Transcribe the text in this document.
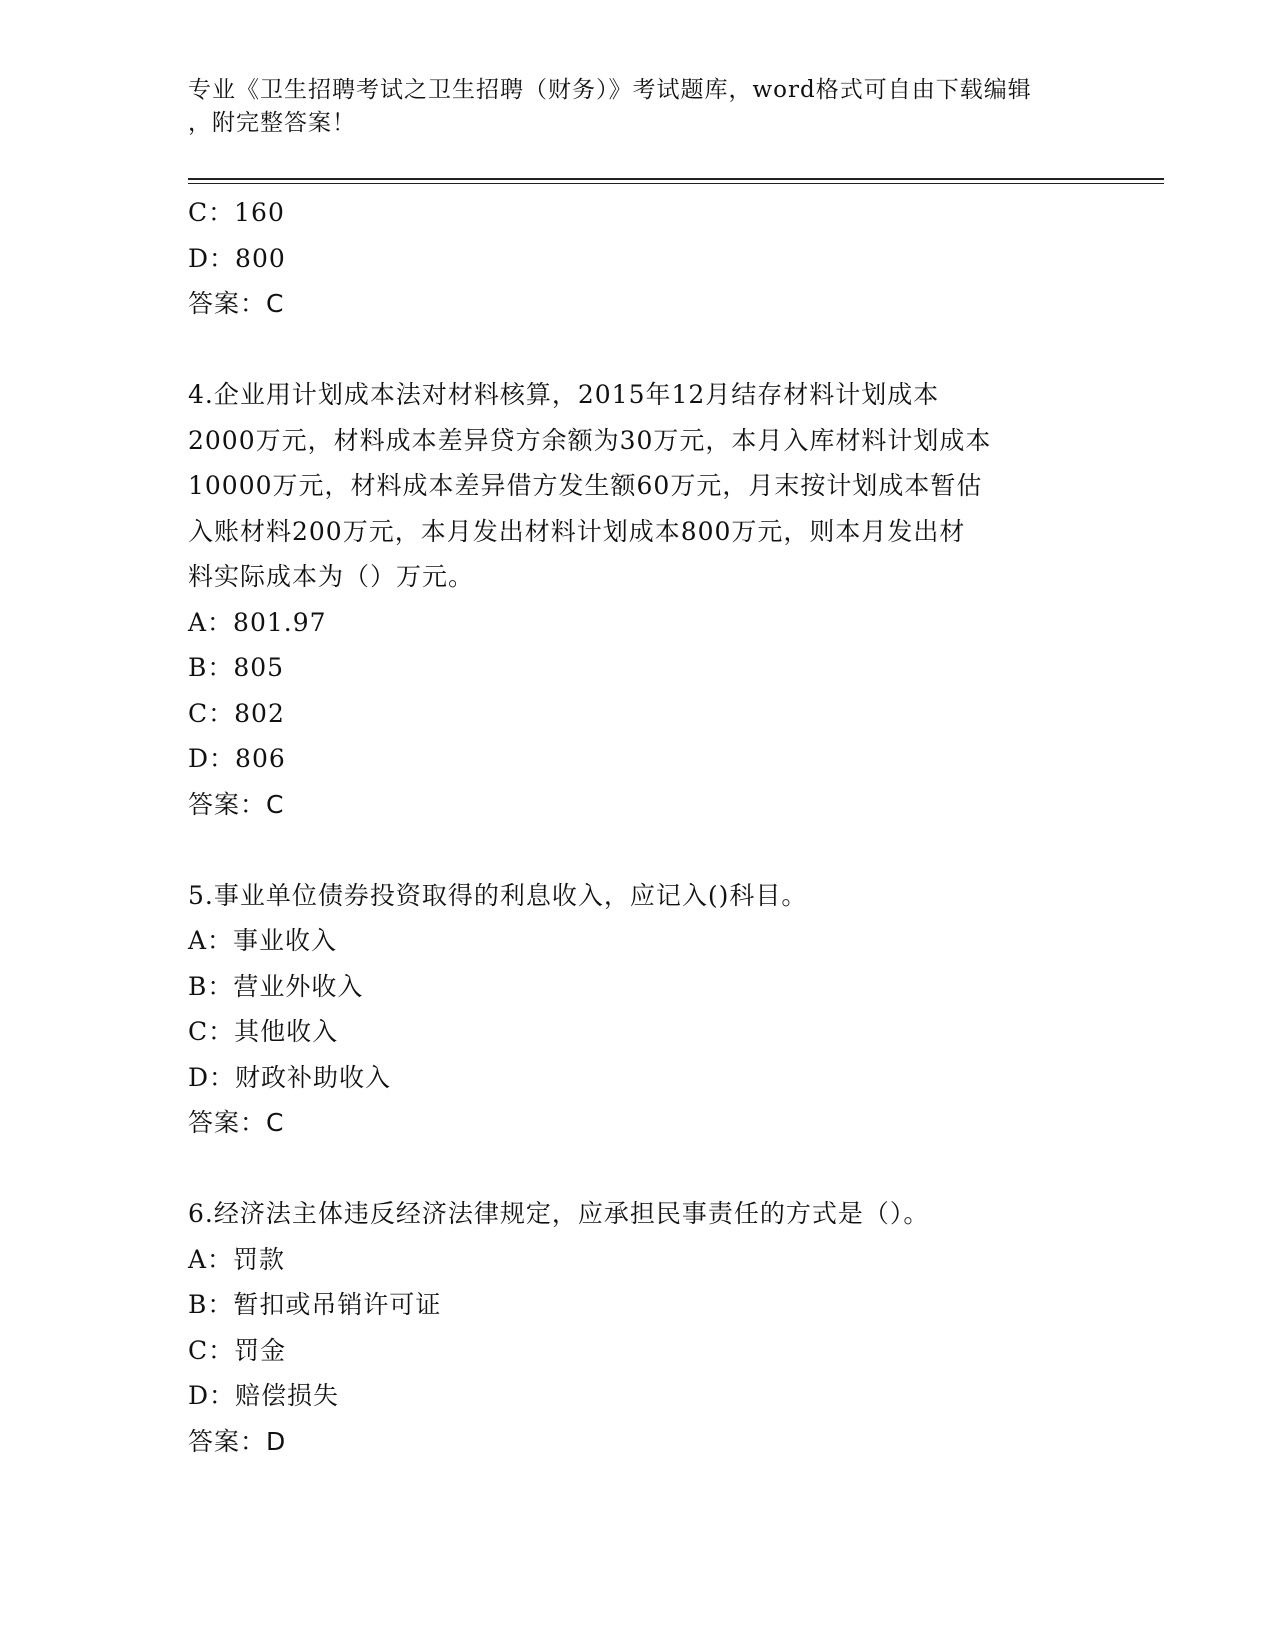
专业《卫生招聘考试之卫生招聘（财务）》考试题库，word格式可自由下载编辑
，附完整答案！
C：160
D：800
答案：C
4.企业用计划成本法对材料核算，2015年12月结存材料计划成本
2000万元，材料成本差异贷方余额为30万元，本月入库材料计划成本
10000万元，材料成本差异借方发生额60万元，月末按计划成本暂估
入账材料200万元，本月发出材料计划成本800万元，则本月发出材
料实际成本为（）万元。
A：801.97
B：805
C：802
D：806
答案：C
5.事业单位债券投资取得的利息收入，应记入()科目。
A：事业收入
B：营业外收入
C：其他收入
D：财政补助收入
答案：C
6.经济法主体违反经济法律规定，应承担民事责任的方式是（）。
A：罚款
B：暂扣或吊销许可证
C：罚金
D：赔偿损失
答案：D
